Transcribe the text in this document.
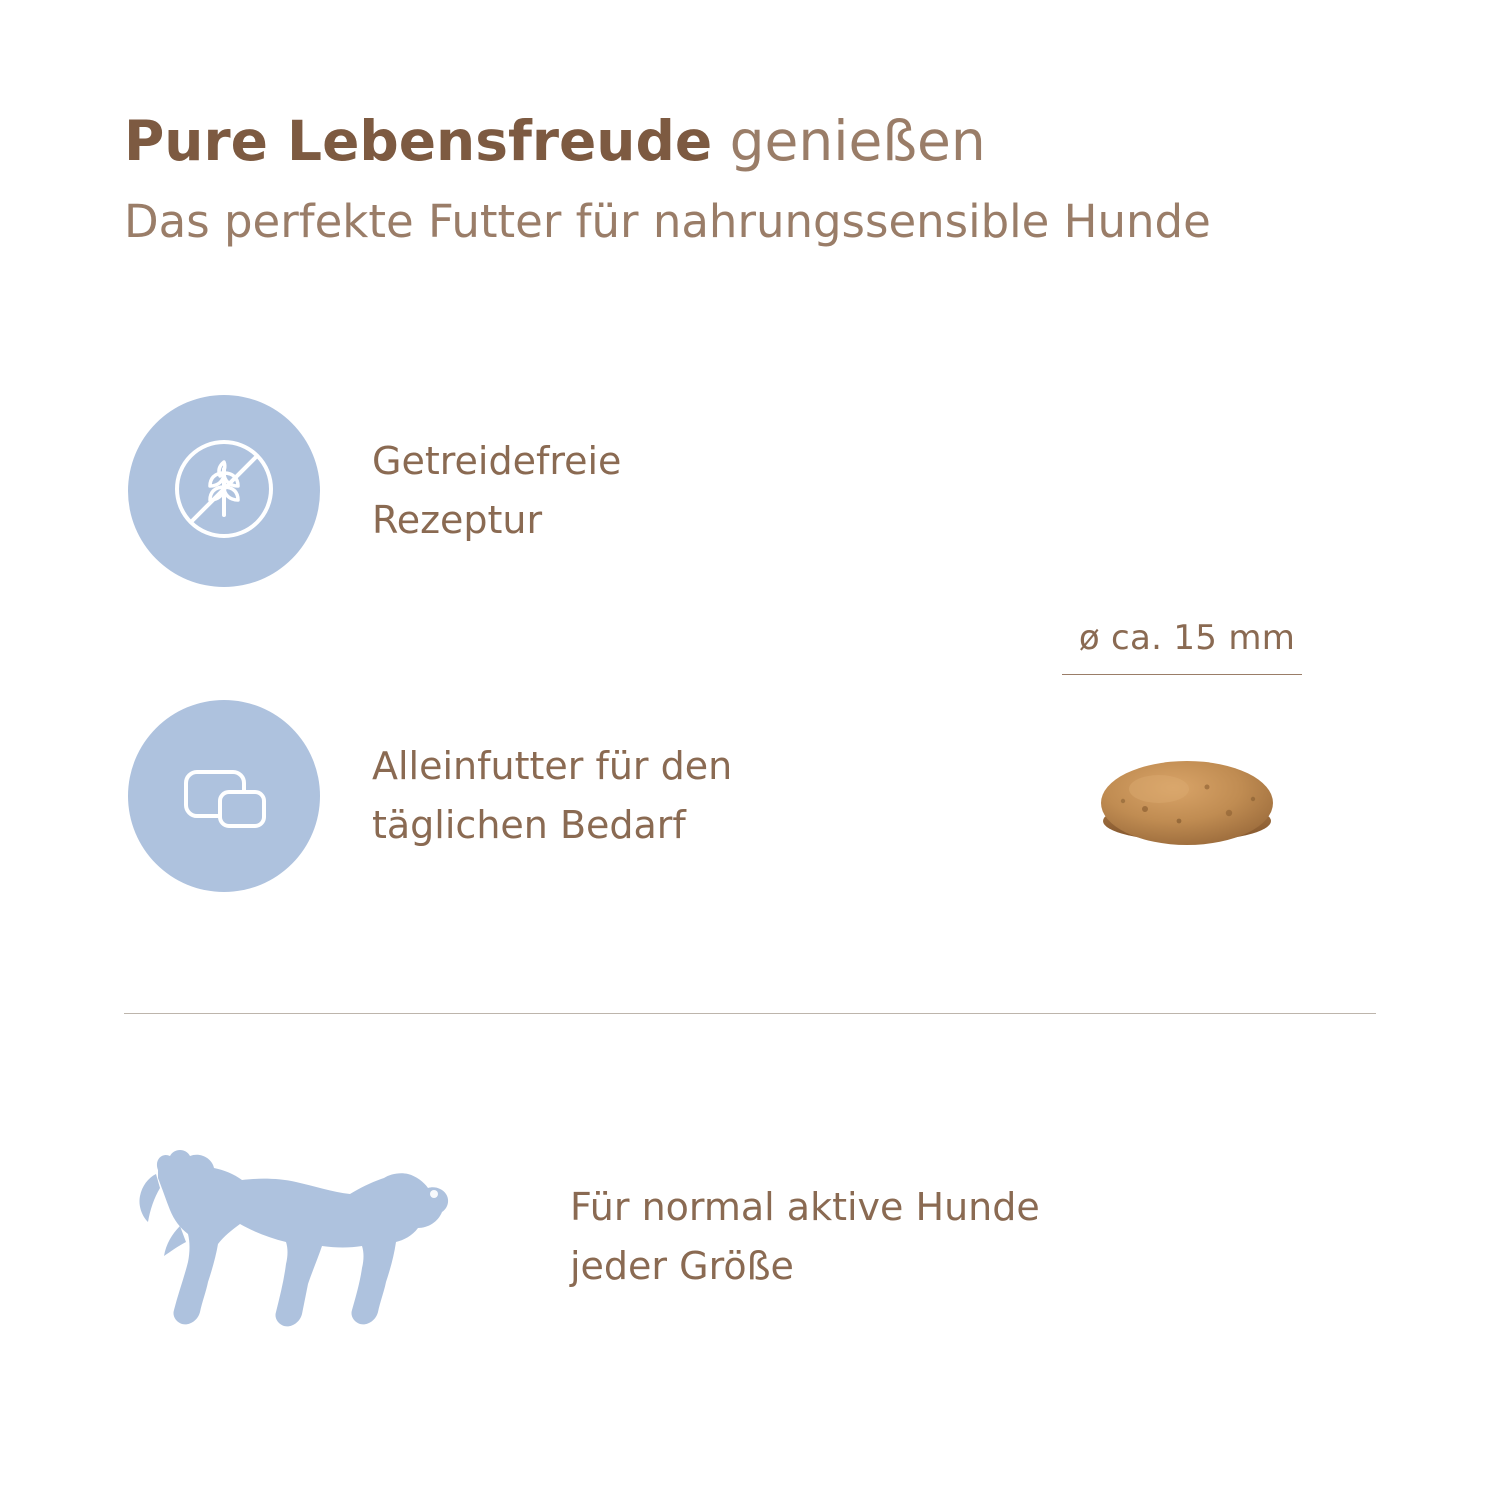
Pure Lebensfreude genießen
Das perfekte Futter für nahrungssensible Hunde
Getreidefreie
Rezeptur
Alleinfutter für den
täglichen Bedarf
ø ca. 15 mm
Für normal aktive Hunde
jeder Größe
